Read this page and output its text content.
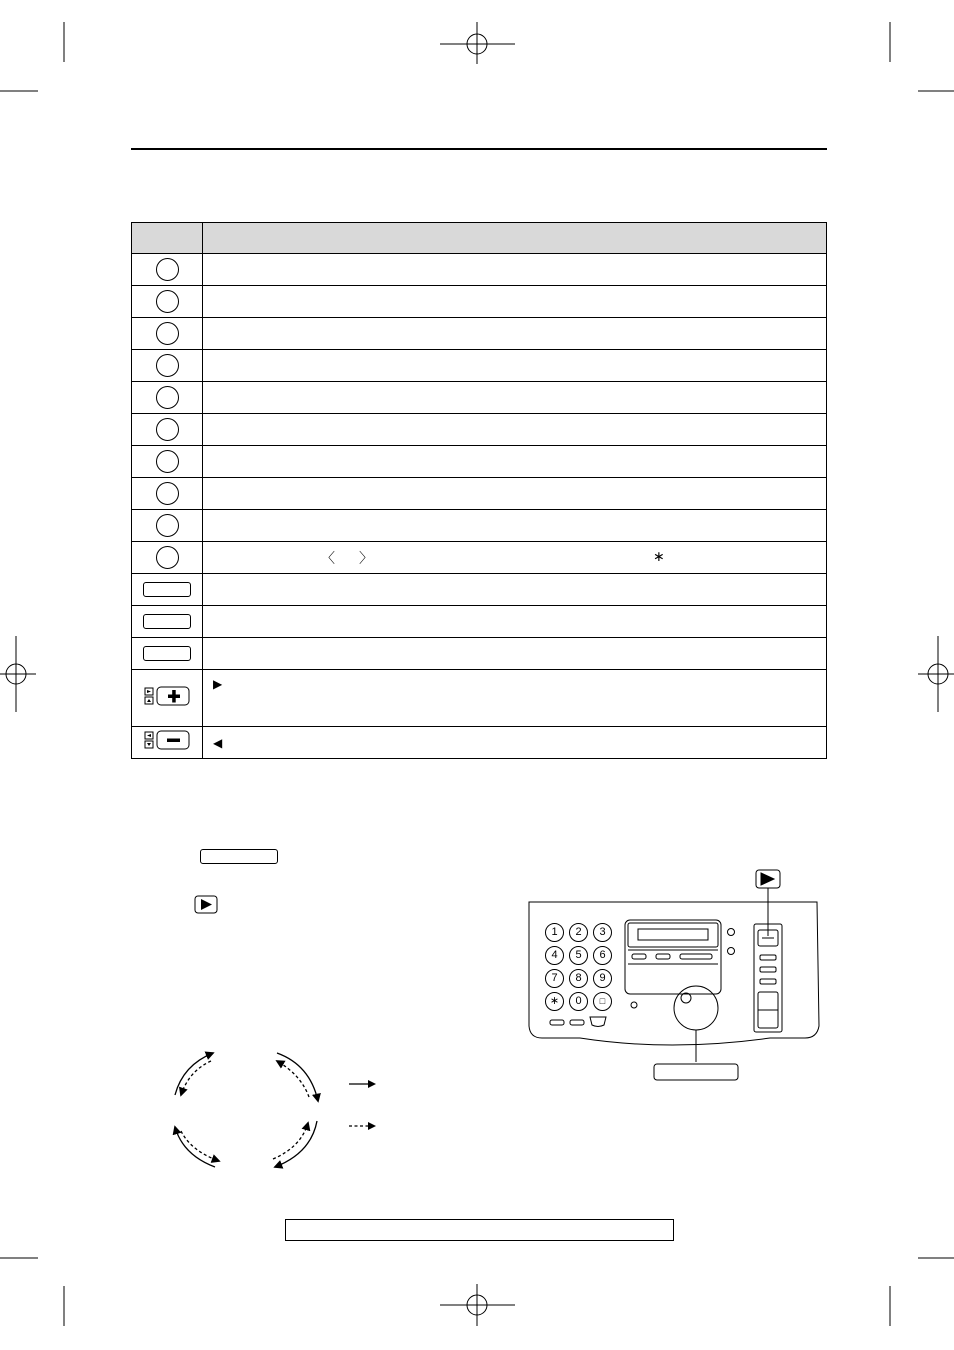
	〈 〉 ∗

	▶
	◀
1	2	3
4	5	6
7	8	9
∗	0	□
